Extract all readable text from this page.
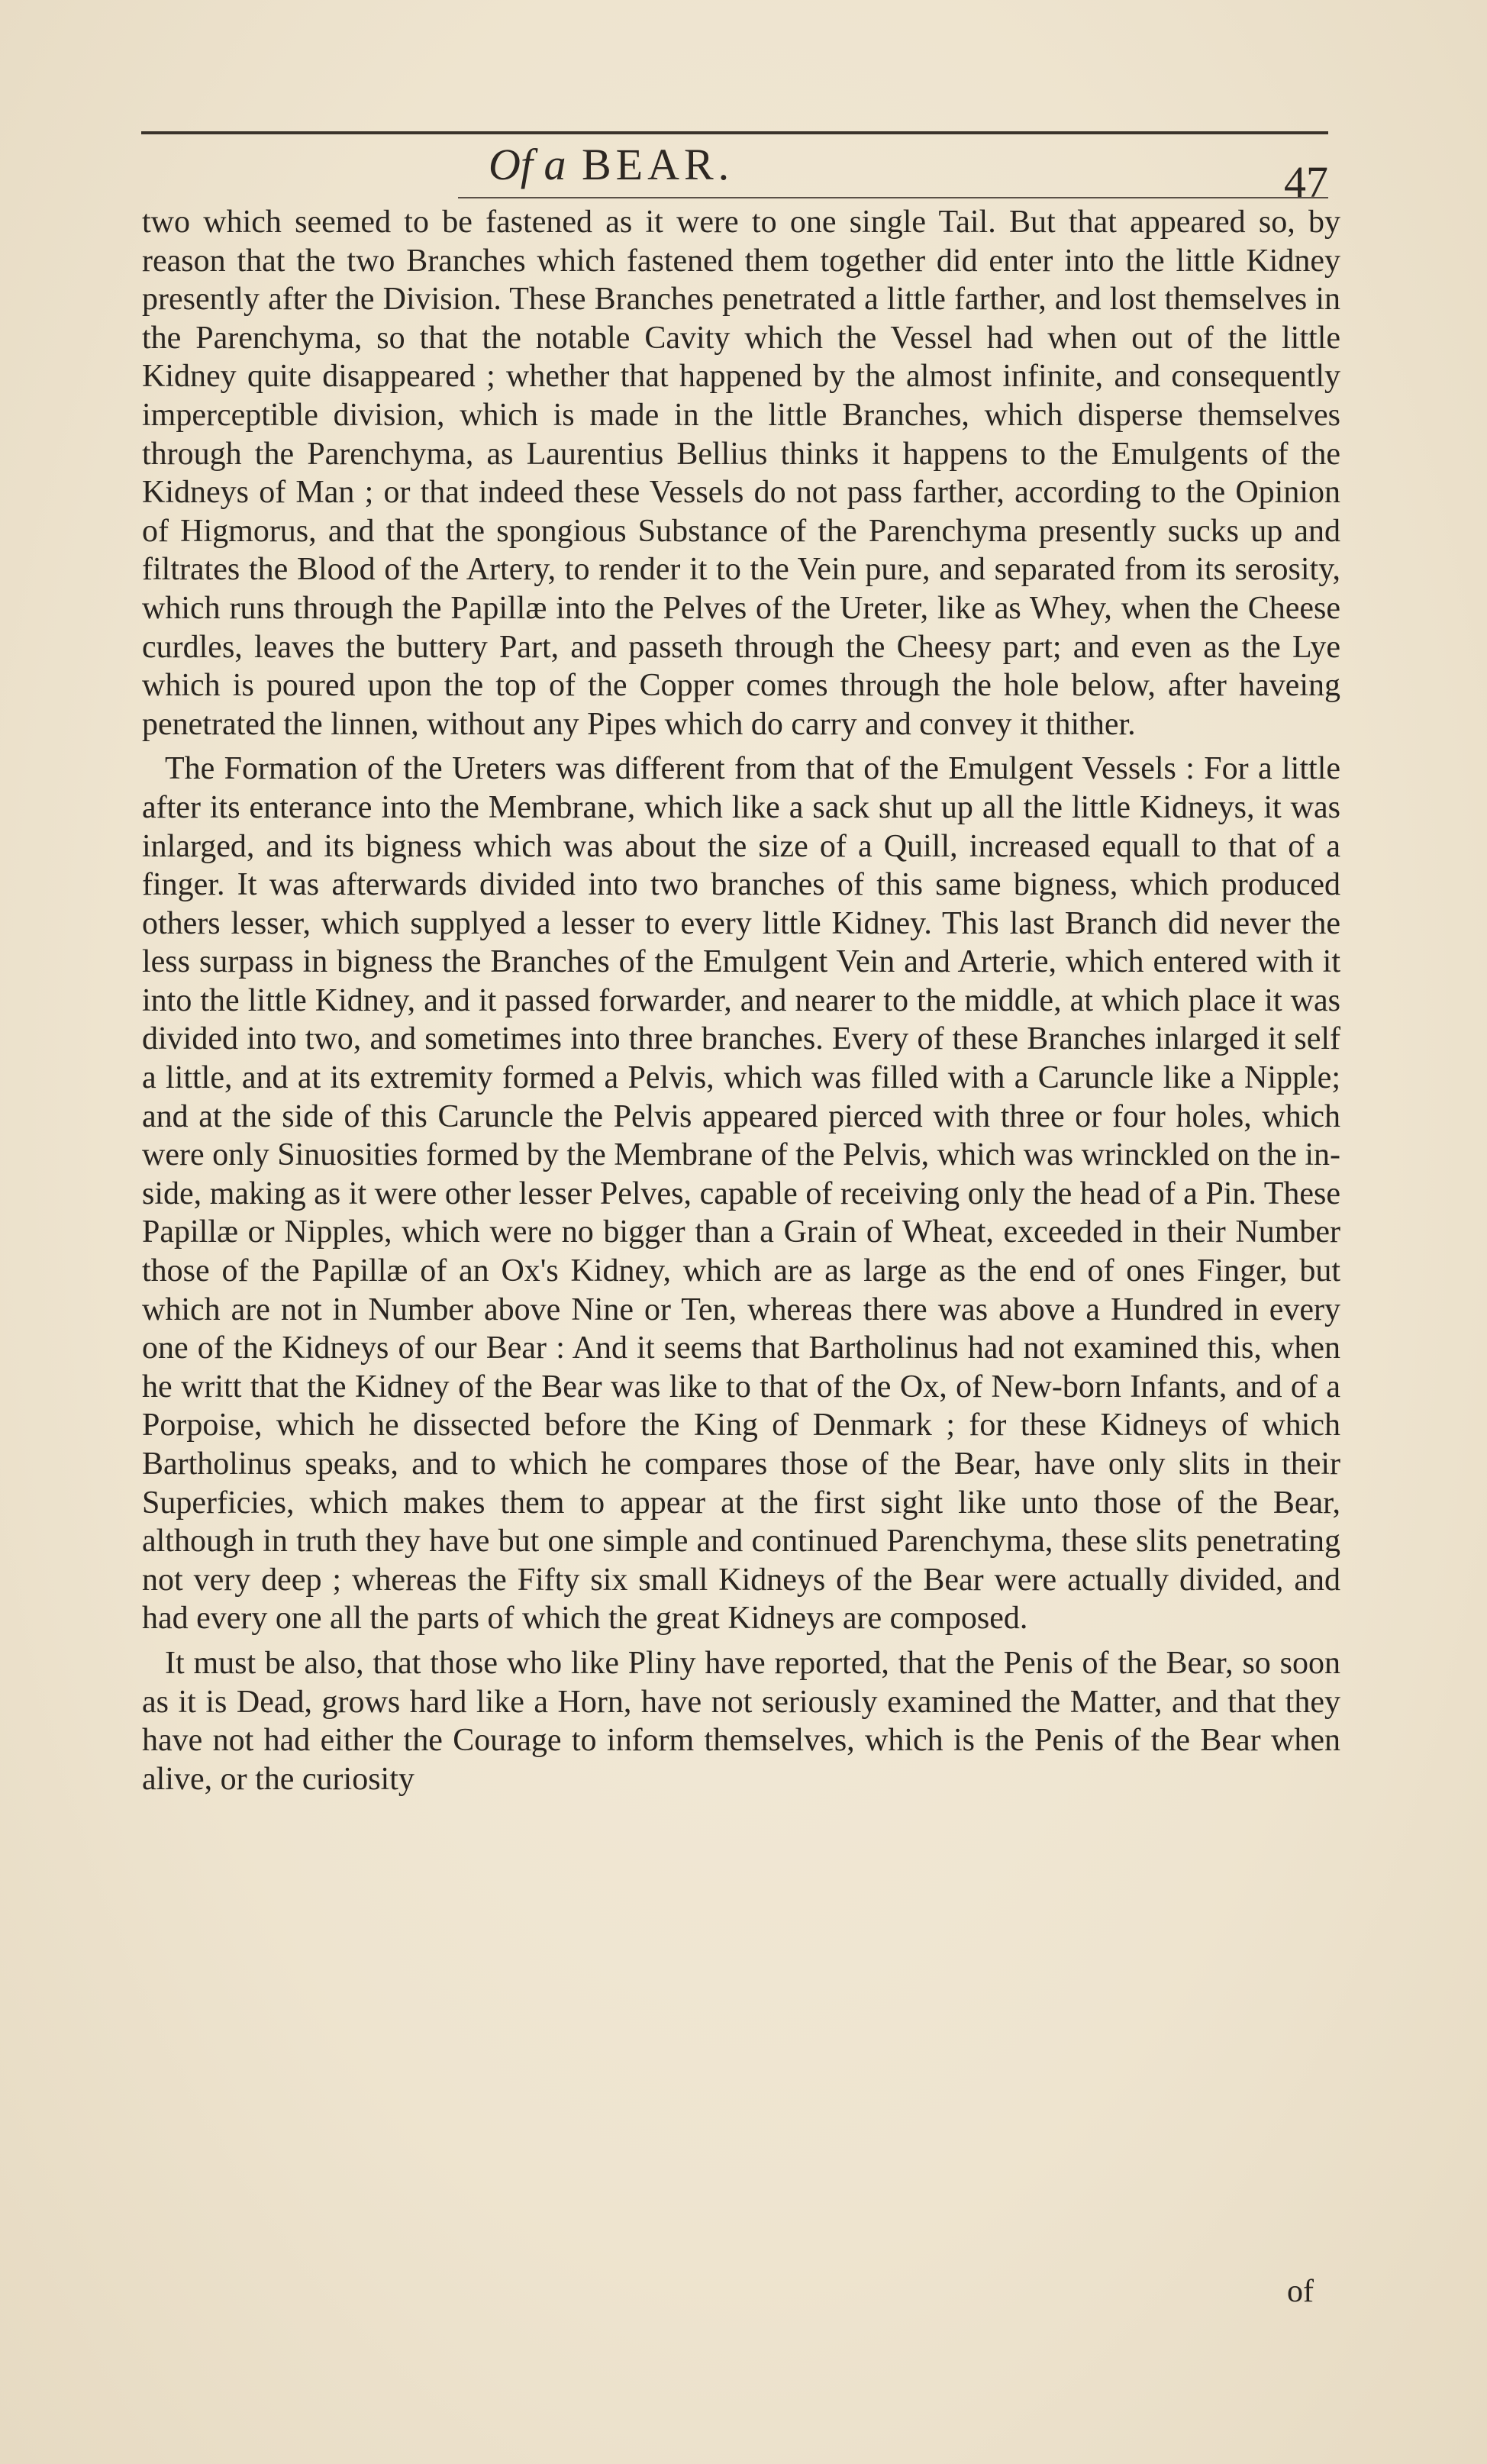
Of a BEAR.	47

two which seemed to be fastened as it were to one single Tail. But that appeared so, by reason that the two Branches which fastened them together did enter into the little Kidney presently after the Division. These Branches penetrated a little farther, and lost themselves in the Parenchyma, so that the notable Cavity which the Vessel had when out of the little Kidney quite disappeared ; whether that happened by the almost infinite, and consequently imperceptible division, which is made in the little Branches, which disperse themselves through the Parenchyma, as Laurentius Bellius thinks it happens to the Emulgents of the Kidneys of Man ; or that indeed these Vessels do not pass farther, according to the Opinion of Higmorus, and that the spongious Substance of the Parenchyma presently sucks up and filtrates the Blood of the Artery, to render it to the Vein pure, and separated from its serosity, which runs through the Papillæ into the Pelves of the Ureter, like as Whey, when the Cheese curdles, leaves the buttery Part, and passeth through the Cheesy part; and even as the Lye which is poured upon the top of the Copper comes through the hole below, after haveing penetrated the linnen, without any Pipes which do carry and convey it thither.

The Formation of the Ureters was different from that of the Emulgent Vessels : For a little after its enterance into the Membrane, which like a sack shut up all the little Kidneys, it was inlarged, and its bigness which was about the size of a Quill, increased equall to that of a finger. It was afterwards divided into two branches of this same bigness, which produced others lesser, which supplyed a lesser to every little Kidney. This last Branch did never the less surpass in bigness the Branches of the Emulgent Vein and Arterie, which entered with it into the little Kidney, and it passed forwarder, and nearer to the middle, at which place it was divided into two, and sometimes into three branches. Every of these Branches inlarged it self a little, and at its extremity formed a Pelvis, which was filled with a Caruncle like a Nipple; and at the side of this Caruncle the Pelvis appeared pierced with three or four holes, which were only Sinuosities formed by the Membrane of the Pelvis, which was wrinckled on the in-side, making as it were other lesser Pelves, capable of receiving only the head of a Pin. These Papillæ or Nipples, which were no bigger than a Grain of Wheat, exceeded in their Number those of the Papillæ of an Ox's Kidney, which are as large as the end of ones Finger, but which are not in Number above Nine or Ten, whereas there was above a Hundred in every one of the Kidneys of our Bear : And it seems that Bartholinus had not examined this, when he writt that the Kidney of the Bear was like to that of the Ox, of New-born Infants, and of a Porpoise, which he dissected before the King of Denmark ; for these Kidneys of which Bartholinus speaks, and to which he compares those of the Bear, have only slits in their Superficies, which makes them to appear at the first sight like unto those of the Bear, although in truth they have but one simple and continued Parenchyma, these slits penetrating not very deep ; whereas the Fifty six small Kidneys of the Bear were actually divided, and had every one all the parts of which the great Kidneys are composed.

It must be also, that those who like Pliny have reported, that the Penis of the Bear, so soon as it is Dead, grows hard like a Horn, have not seriously examined the Matter, and that they have not had either the Courage to inform themselves, which is the Penis of the Bear when alive, or the curiosity

of
